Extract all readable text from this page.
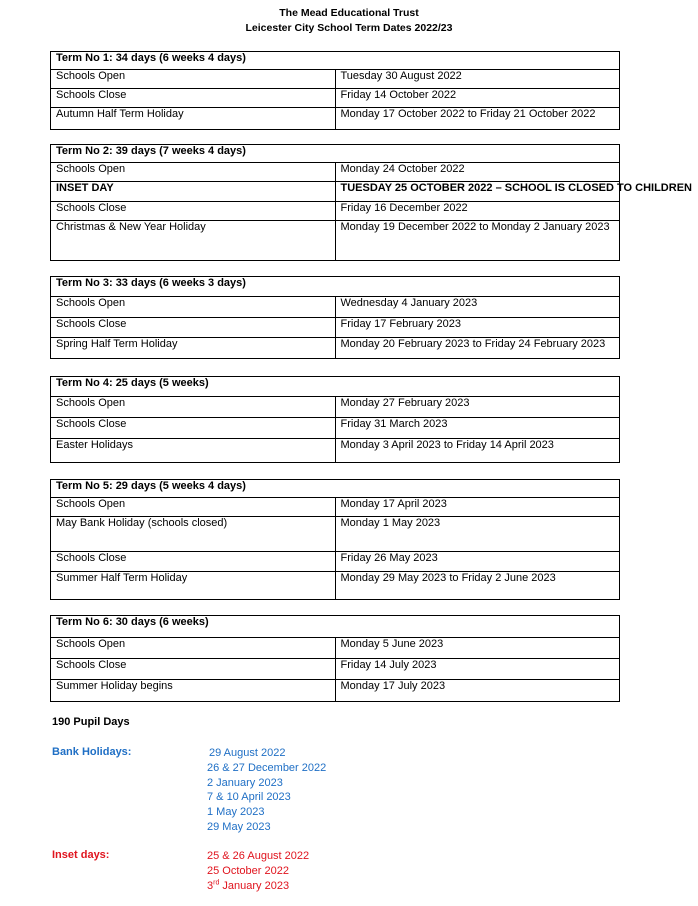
The Mead Educational Trust
Leicester City School Term Dates 2022/23
Term No 1: 34 days (6 weeks 4 days)	
Schools Open	Tuesday 30 August 2022
Schools Close	Friday 14 October 2022
Autumn Half Term Holiday	Monday 17 October 2022 to Friday 21 October 2022
Term No 2: 39 days (7 weeks 4 days)	
Schools Open	Monday 24 October 2022
INSET DAY	TUESDAY 25 OCTOBER 2022 – SCHOOL IS CLOSED TO CHILDREN
Schools Close	Friday 16 December 2022
Christmas & New Year Holiday	Monday 19 December 2022 to Monday 2 January 2023
Term No 3: 33 days (6 weeks 3 days)	
Schools Open	Wednesday 4 January 2023
Schools Close	Friday 17 February 2023
Spring Half Term Holiday	Monday 20 February 2023 to Friday 24 February 2023
Term No 4: 25 days (5 weeks)	
Schools Open	Monday 27 February 2023
Schools Close	Friday 31 March 2023
Easter Holidays	Monday 3 April 2023 to Friday 14 April 2023
Term No 5: 29 days (5 weeks 4 days)	
Schools Open	Monday 17 April 2023
May Bank Holiday (schools closed)	Monday 1 May 2023
Schools Close	Friday 26 May 2023
Summer Half Term Holiday	Monday 29 May 2023 to Friday 2 June 2023
Term No 6: 30 days (6 weeks)	
Schools Open	Monday 5 June 2023
Schools Close	Friday 14 July 2023
Summer Holiday begins	Monday 17 July 2023
190 Pupil Days
Bank Holidays:	29 August 2022
26 & 27 December 2022
2 January 2023
7 & 10 April 2023
1 May 2023
29 May 2023
Inset days:	25 & 26 August 2022
25 October 2022
3rd January 2023
